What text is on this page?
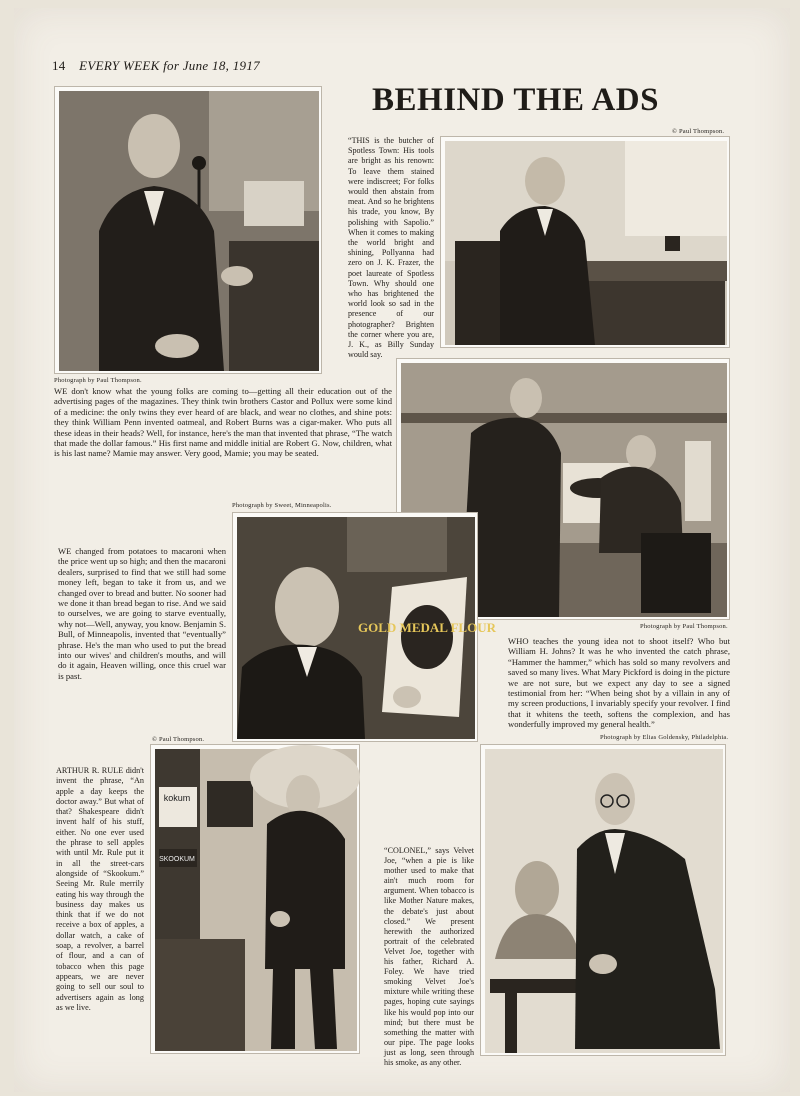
14 EVERY WEEK for June 18, 1917
BEHIND THE ADS
Photograph by Paul Thompson.
© Paul Thompson.
“THIS is the butcher of Spotless Town: His tools are bright as his renown: To leave them stained were indiscreet; For folks would then abstain from meat. And so he brightens his trade, you know, By polishing with Sapolio.” When it comes to making the world bright and shining, Pollyanna had zero on J. K. Frazer, the poet laureate of Spotless Town. Why should one who has brightened the world look so sad in the presence of our photographer? Brighten the corner where you are, J. K., as Billy Sunday would say.
WE don't know what the young folks are coming to—getting all their education out of the advertising pages of the magazines. They think twin brothers Castor and Pollux were some kind of a medicine: the only twins they ever heard of are black, and wear no clothes, and shine pots: they think William Penn invented oatmeal, and Robert Burns was a cigar-maker. Who puts all these ideas in their heads? Well, for instance, here's the man that invented that phrase, “The watch that made the dollar famous.” His first name and middle initial are Robert G. Now, children, what is his last name? Mamie may answer. Very good, Mamie; you may be seated.
Photograph by Paul Thompson.
Photograph by Sweet, Minneapolis.
GOLD MEDAL FLOUR
WE changed from potatoes to macaroni when the price went up so high; and then the macaroni dealers, surprised to find that we still had some money left, began to take it from us, and we changed over to bread and butter. No sooner had we done it than bread began to rise. And we said to ourselves, we are going to starve eventually, why not—Well, anyway, you know. Benjamin S. Bull, of Minneapolis, invented that “eventually” phrase. He's the man who used to put the bread into our wives' and children's mouths, and will do it again, Heaven willing, once this cruel war is past.
WHO teaches the young idea not to shoot itself? Who but William H. Johns? It was he who invented the catch phrase, “Hammer the hammer,” which has sold so many revolvers and saved so many lives. What Mary Pickford is doing in the picture we are not sure, but we expect any day to see a signed testimonial from her: “When being shot by a villain in any of my screen productions, I invariably specify your revolver. I find that it whitens the teeth, softens the complexion, and has wonderfully improved my general health.”
© Paul Thompson.
kokum
SKOOKUM
ARTHUR R. RULE didn't invent the phrase, “An apple a day keeps the doctor away.” But what of that? Shakespeare didn't invent half of his stuff, either. No one ever used the phrase to sell apples with until Mr. Rule put it in all the street-cars alongside of “Skookum.” Seeing Mr. Rule merrily eating his way through the business day makes us think that if we do not receive a box of apples, a dollar watch, a cake of soap, a revolver, a barrel of flour, and a can of tobacco when this page appears, we are never going to sell our soul to advertisers again as long as we live.
Photograph by Elias Goldensky, Philadelphia.
“COLONEL,” says Velvet Joe, “when a pie is like mother used to make that ain't much room for argument. When tobacco is like Mother Nature makes, the debate's just about closed.” We present herewith the authorized portrait of the celebrated Velvet Joe, together with his father, Richard A. Foley. We have tried smoking Velvet Joe's mixture while writing these pages, hoping cute sayings like his would pop into our mind; but there must be something the matter with our pipe. The page looks just as long, seen through his smoke, as any other.
